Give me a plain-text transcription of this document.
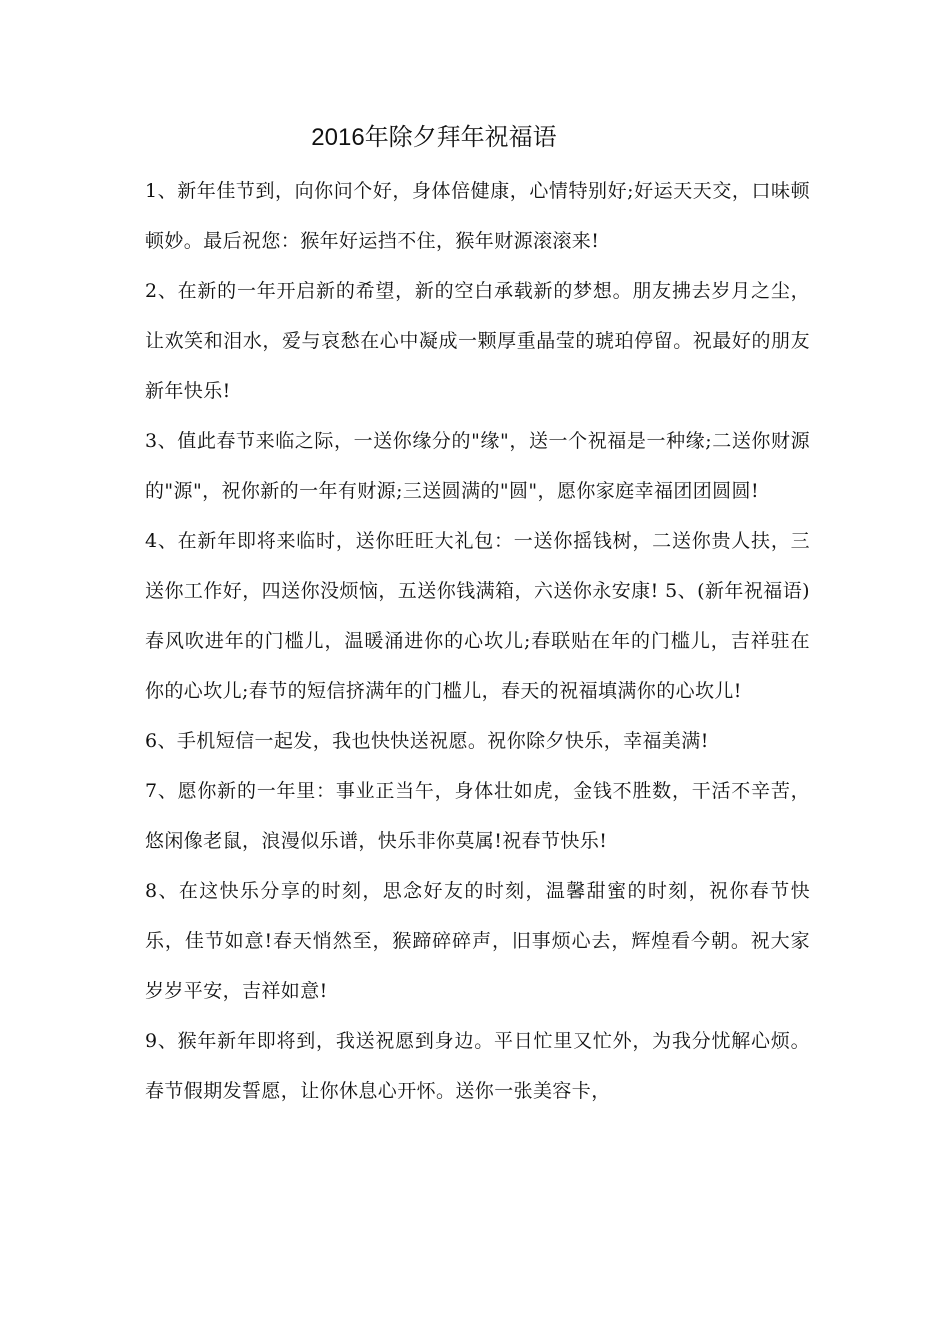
2016年除夕拜年祝福语

1、新年佳节到，向你问个好，身体倍健康，心情特别好;好运天天交，口味顿顿妙。最后祝您：猴年好运挡不住，猴年财源滚滚来!

2、在新的一年开启新的希望，新的空白承载新的梦想。朋友拂去岁月之尘，让欢笑和泪水，爱与哀愁在心中凝成一颗厚重晶莹的琥珀停留。祝最好的朋友新年快乐!

3、值此春节来临之际，一送你缘分的"缘"，送一个祝福是一种缘;二送你财源的"源"，祝你新的一年有财源;三送圆满的"圆"，愿你家庭幸福团团圆圆!

4、在新年即将来临时，送你旺旺大礼包：一送你摇钱树，二送你贵人扶，三送你工作好，四送你没烦恼，五送你钱满箱，六送你永安康! 5、(新年祝福语) 春风吹进年的门槛儿，温暖涌进你的心坎儿;春联贴在年的门槛儿，吉祥驻在你的心坎儿;春节的短信挤满年的门槛儿，春天的祝福填满你的心坎儿!

6、手机短信一起发，我也快快送祝愿。祝你除夕快乐，幸福美满!

7、愿你新的一年里：事业正当午，身体壮如虎，金钱不胜数，干活不辛苦，悠闲像老鼠，浪漫似乐谱，快乐非你莫属!祝春节快乐!

8、在这快乐分享的时刻，思念好友的时刻，温馨甜蜜的时刻，祝你春节快乐，佳节如意!春天悄然至，猴蹄碎碎声，旧事烦心去，辉煌看今朝。祝大家岁岁平安，吉祥如意!

9、猴年新年即将到，我送祝愿到身边。平日忙里又忙外，为我分忧解心烦。春节假期发誓愿，让你休息心开怀。送你一张美容卡，
